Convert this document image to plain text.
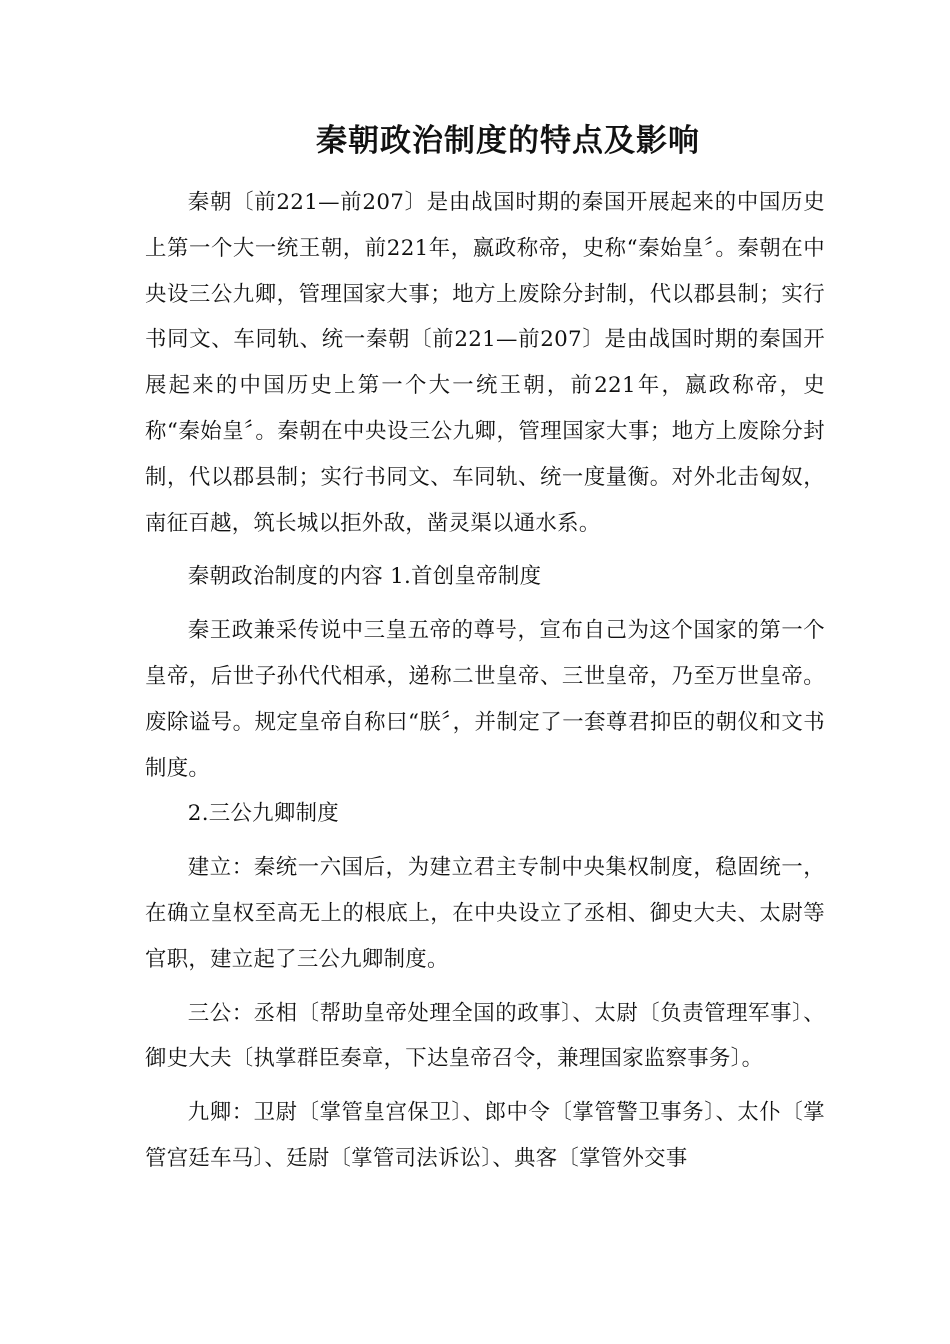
秦朝政治制度的特点及影响

秦朝〔前221—前207〕是由战国时期的秦国开展起来的中国历史上第一个大一统王朝，前221年，嬴政称帝，史称“秦始皇〞。秦朝在中央设三公九卿，管理国家大事；地方上废除分封制，代以郡县制；实行书同文、车同轨、统一秦朝〔前221—前207〕是由战国时期的秦国开展起来的中国历史上第一个大一统王朝，前221年，嬴政称帝，史称“秦始皇〞。秦朝在中央设三公九卿，管理国家大事；地方上废除分封制，代以郡县制；实行书同文、车同轨、统一度量衡。对外北击匈奴，南征百越，筑长城以拒外敌，凿灵渠以通水系。

秦朝政治制度的内容 1.首创皇帝制度

秦王政兼采传说中三皇五帝的尊号，宣布自己为这个国家的第一个皇帝，后世子孙代代相承，递称二世皇帝、三世皇帝，乃至万世皇帝。废除谥号。规定皇帝自称曰“朕〞，并制定了一套尊君抑臣的朝仪和文书制度。

2.三公九卿制度

建立：秦统一六国后，为建立君主专制中央集权制度，稳固统一，在确立皇权至高无上的根底上，在中央设立了丞相、御史大夫、太尉等官职，建立起了三公九卿制度。

三公：丞相〔帮助皇帝处理全国的政事〕、太尉〔负责管理军事〕、御史大夫〔执掌群臣奏章，下达皇帝召令，兼理国家监察事务〕。

九卿：卫尉〔掌管皇宫保卫〕、郎中令〔掌管警卫事务〕、太仆〔掌管宫廷车马〕、廷尉〔掌管司法诉讼〕、典客〔掌管外交事
